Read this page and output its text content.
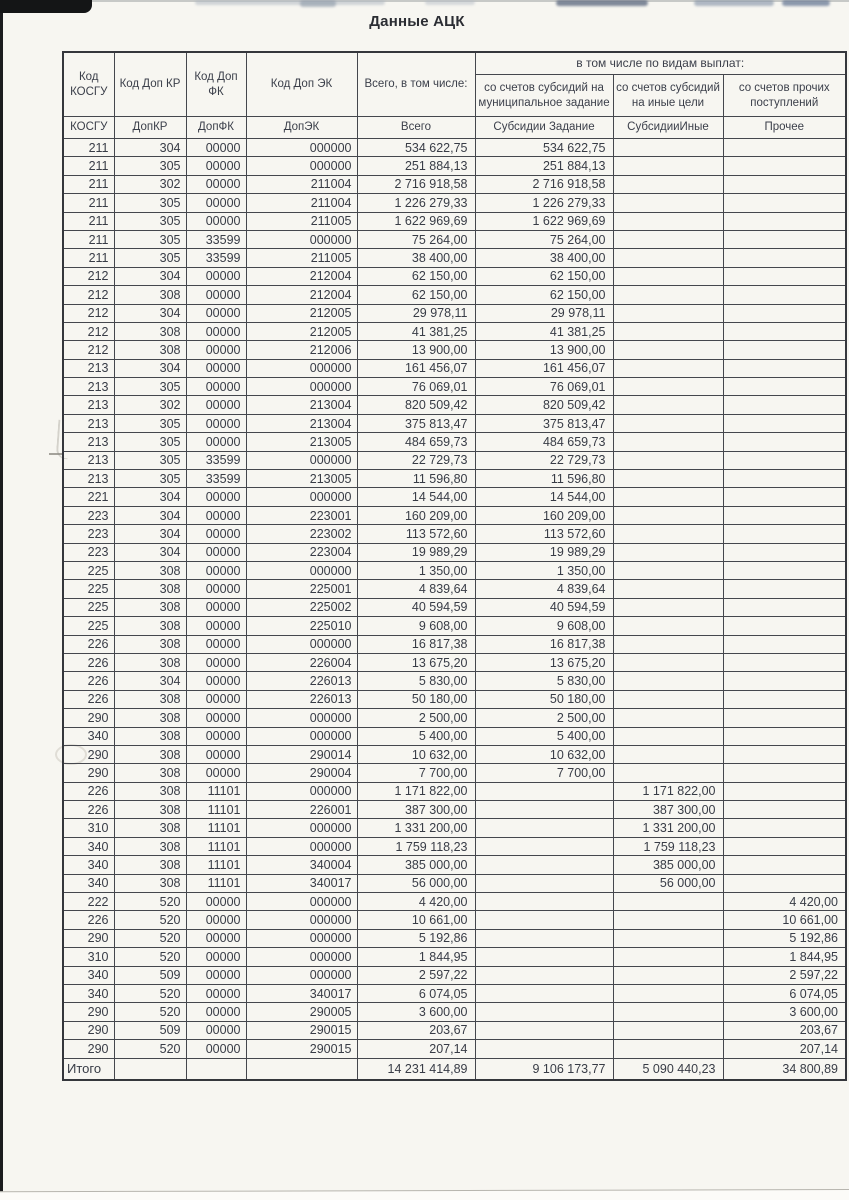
Данные АЦК
Код КОСГУ	Код Доп КР	Код Доп ФК	Код Доп ЭК	Всего, в том числе:	в том числе по видам выплат:		
					со счетов субсидий на муниципальное задание	со счетов субсидий на иные цели	со счетов прочих поступлений
КОСГУ	ДопКР	ДопФК	ДопЭК	Всего	Субсидии Задание	СубсидииИные	Прочее
211	304	00000	000000	534 622,75	534 622,75		
211	305	00000	000000	251 884,13	251 884,13		
211	302	00000	211004	2 716 918,58	2 716 918,58		
211	305	00000	211004	1 226 279,33	1 226 279,33		
211	305	00000	211005	1 622 969,69	1 622 969,69		
211	305	33599	000000	75 264,00	75 264,00		
211	305	33599	211005	38 400,00	38 400,00		
212	304	00000	212004	62 150,00	62 150,00		
212	308	00000	212004	62 150,00	62 150,00		
212	304	00000	212005	29 978,11	29 978,11		
212	308	00000	212005	41 381,25	41 381,25		
212	308	00000	212006	13 900,00	13 900,00		
213	304	00000	000000	161 456,07	161 456,07		
213	305	00000	000000	76 069,01	76 069,01		
213	302	00000	213004	820 509,42	820 509,42		
213	305	00000	213004	375 813,47	375 813,47		
213	305	00000	213005	484 659,73	484 659,73		
213	305	33599	000000	22 729,73	22 729,73		
213	305	33599	213005	11 596,80	11 596,80		
221	304	00000	000000	14 544,00	14 544,00		
223	304	00000	223001	160 209,00	160 209,00		
223	304	00000	223002	113 572,60	113 572,60		
223	304	00000	223004	19 989,29	19 989,29		
225	308	00000	000000	1 350,00	1 350,00		
225	308	00000	225001	4 839,64	4 839,64		
225	308	00000	225002	40 594,59	40 594,59		
225	308	00000	225010	9 608,00	9 608,00		
226	308	00000	000000	16 817,38	16 817,38		
226	308	00000	226004	13 675,20	13 675,20		
226	304	00000	226013	5 830,00	5 830,00		
226	308	00000	226013	50 180,00	50 180,00		
290	308	00000	000000	2 500,00	2 500,00		
340	308	00000	000000	5 400,00	5 400,00		
290	308	00000	290014	10 632,00	10 632,00		
290	308	00000	290004	7 700,00	7 700,00		
226	308	11101	000000	1 171 822,00		1 171 822,00	
226	308	11101	226001	387 300,00		387 300,00	
310	308	11101	000000	1 331 200,00		1 331 200,00	
340	308	11101	000000	1 759 118,23		1 759 118,23	
340	308	11101	340004	385 000,00		385 000,00	
340	308	11101	340017	56 000,00		56 000,00	
222	520	00000	000000	4 420,00			4 420,00
226	520	00000	000000	10 661,00			10 661,00
290	520	00000	000000	5 192,86			5 192,86
310	520	00000	000000	1 844,95			1 844,95
340	509	00000	000000	2 597,22			2 597,22
340	520	00000	340017	6 074,05			6 074,05
290	520	00000	290005	3 600,00			3 600,00
290	509	00000	290015	203,67			203,67
290	520	00000	290015	207,14			207,14
Итого				14 231 414,89	9 106 173,77	5 090 440,23	34 800,89
